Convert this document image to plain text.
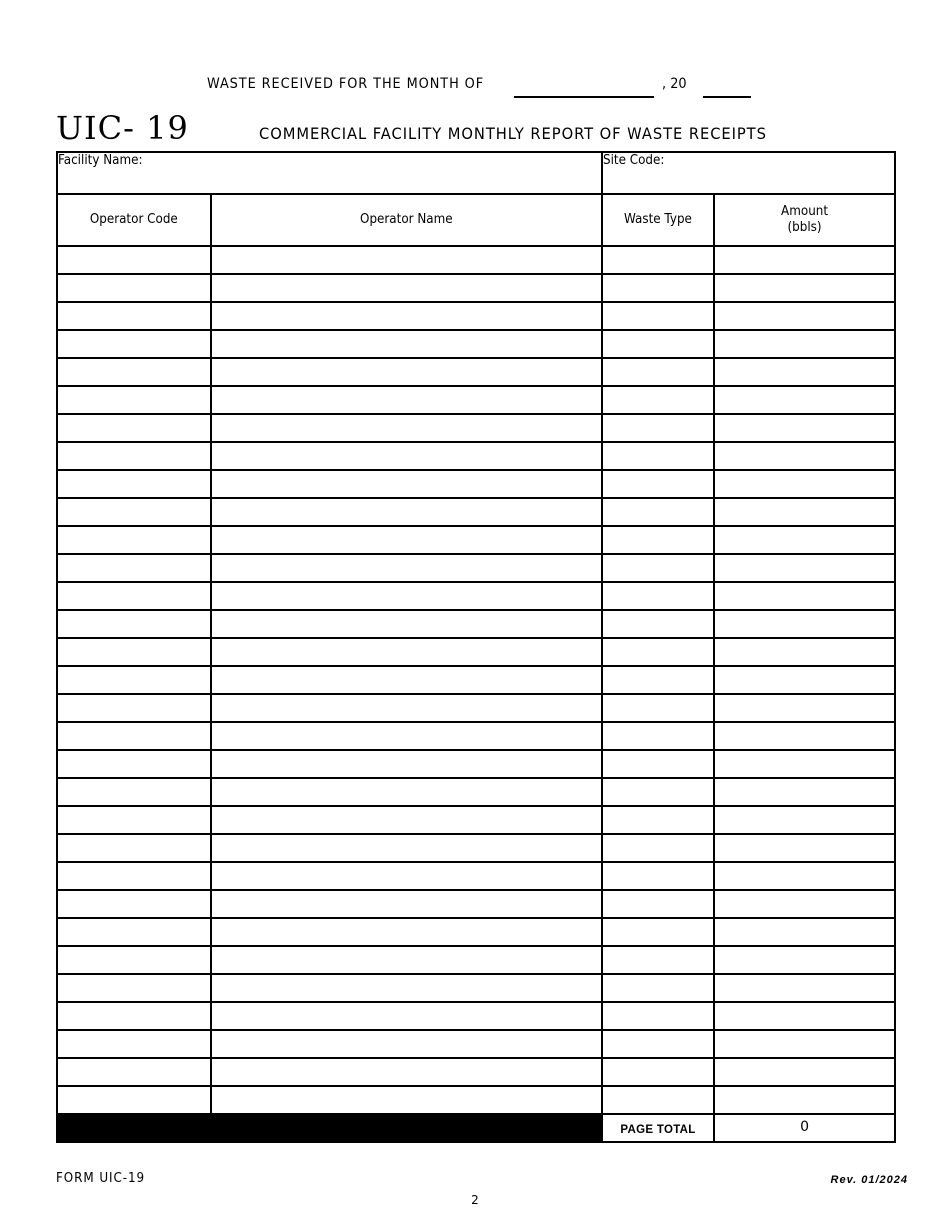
WASTE RECEIVED FOR THE MONTH OF	, 20
UIC- 19	COMMERCIAL FACILITY MONTHLY REPORT OF WASTE RECEIPTS
Facility Name:		Site Code:	
Operator Code	Operator Name	Waste Type	Amount
(bbls)

		PAGE TOTAL	0
FORM UIC-19	Rev. 01/2024
2
